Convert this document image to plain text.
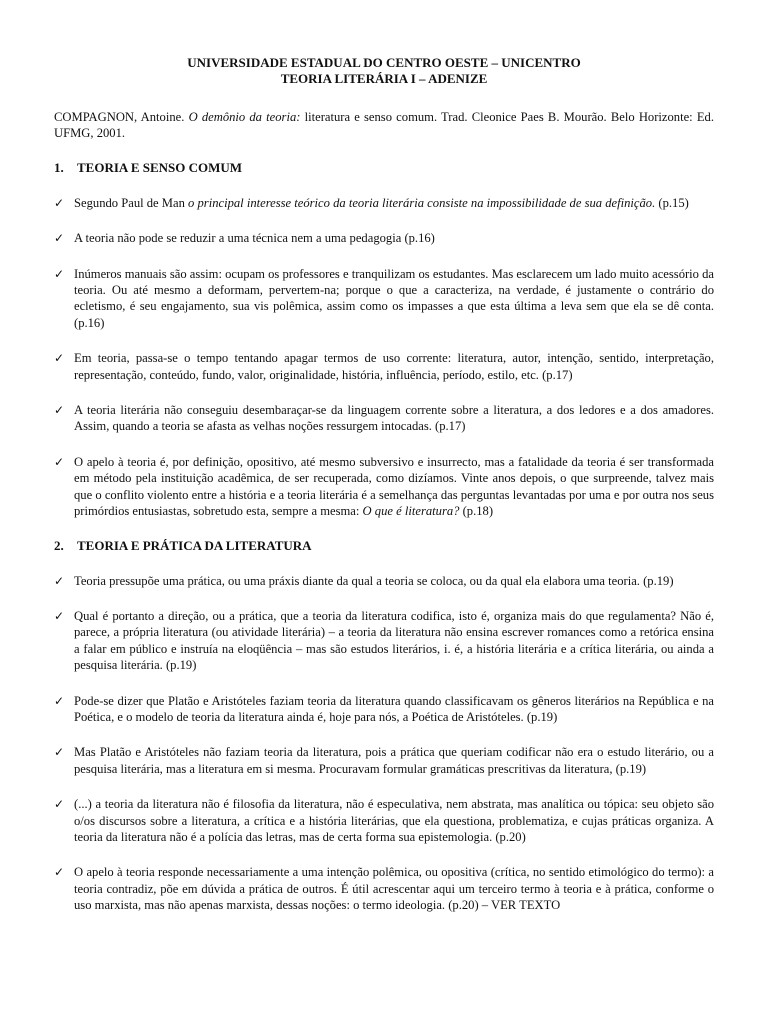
UNIVERSIDADE ESTADUAL DO CENTRO OESTE – UNICENTRO
TEORIA LITERÁRIA I – ADENIZE
COMPAGNON, Antoine. O demônio da teoria: literatura e senso comum. Trad. Cleonice Paes B. Mourão. Belo Horizonte: Ed. UFMG, 2001.
1. TEORIA E SENSO COMUM
✓ Segundo Paul de Man o principal interesse teórico da teoria literária consiste na impossibilidade de sua definição. (p.15)
✓ A teoria não pode se reduzir a uma técnica nem a uma pedagogia (p.16)
✓ Inúmeros manuais são assim: ocupam os professores e tranquilizam os estudantes. Mas esclarecem um lado muito acessório da teoria. Ou até mesmo a deformam, pervertem-na; porque o que a caracteriza, na verdade, é justamente o contrário do ecletismo, é seu engajamento, sua vis polêmica, assim como os impasses a que esta última a leva sem que ela se dê conta. (p.16)
✓ Em teoria, passa-se o tempo tentando apagar termos de uso corrente: literatura, autor, intenção, sentido, interpretação, representação, conteúdo, fundo, valor, originalidade, história, influência, período, estilo, etc. (p.17)
✓ A teoria literária não conseguiu desembaraçar-se da linguagem corrente sobre a literatura, a dos ledores e a dos amadores. Assim, quando a teoria se afasta as velhas noções ressurgem intocadas. (p.17)
✓ O apelo à teoria é, por definição, opositivo, até mesmo subversivo e insurrecto, mas a fatalidade da teoria é ser transformada em método pela instituição acadêmica, de ser recuperada, como dizíamos. Vinte anos depois, o que surpreende, talvez mais que o conflito violento entre a história e a teoria literária é a semelhança das perguntas levantadas por uma e por outra nos seus primórdios entusiastas, sobretudo esta, sempre a mesma: O que é literatura? (p.18)
2. TEORIA E PRÁTICA DA LITERATURA
✓ Teoria pressupõe uma prática, ou uma práxis diante da qual a teoria se coloca, ou da qual ela elabora uma teoria. (p.19)
✓ Qual é portanto a direção, ou a prática, que a teoria da literatura codifica, isto é, organiza mais do que regulamenta? Não é, parece, a própria literatura (ou atividade literária) – a teoria da literatura não ensina escrever romances como a retórica ensina a falar em público e instruía na eloqüência – mas são estudos literários, i. é, a história literária e a crítica literária, ou ainda a pesquisa literária. (p.19)
✓ Pode-se dizer que Platão e Aristóteles faziam teoria da literatura quando classificavam os gêneros literários na República e na Poética, e o modelo de teoria da literatura ainda é, hoje para nós, a Poética de Aristóteles. (p.19)
✓ Mas Platão e Aristóteles não faziam teoria da literatura, pois a prática que queriam codificar não era o estudo literário, ou a pesquisa literária, mas a literatura em si mesma. Procuravam formular gramáticas prescritivas da literatura, (p.19)
✓ (...) a teoria da literatura não é filosofia da literatura, não é especulativa, nem abstrata, mas analítica ou tópica: seu objeto são o/os discursos sobre a literatura, a crítica e a história literárias, que ela questiona, problematiza, e cujas práticas organiza. A teoria da literatura não é a polícia das letras, mas de certa forma sua epistemologia. (p.20)
✓ O apelo à teoria responde necessariamente a uma intenção polêmica, ou opositiva (crítica, no sentido etimológico do termo): a teoria contradiz, põe em dúvida a prática de outros. É útil acrescentar aqui um terceiro termo à teoria e à prática, conforme o uso marxista, mas não apenas marxista, dessas noções: o termo ideologia. (p.20) – VER TEXTO
